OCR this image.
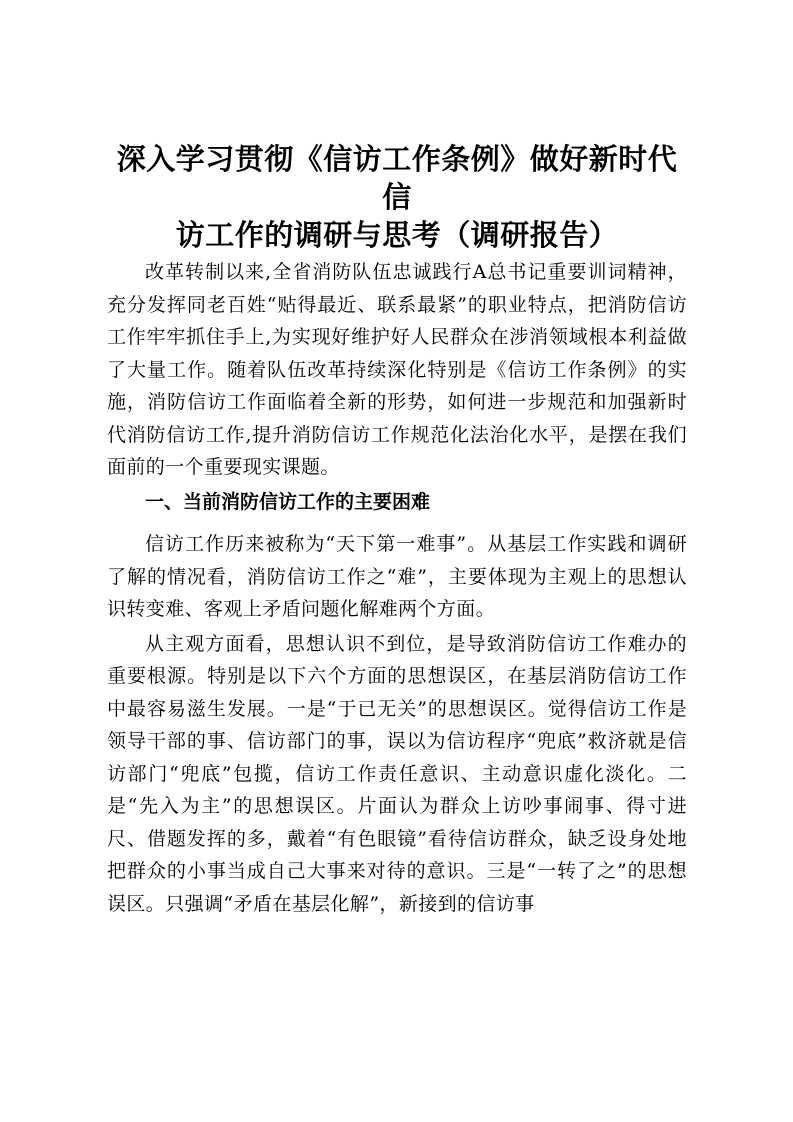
深入学习贯彻《信访工作条例》做好新时代信
访工作的调研与思考（调研报告）

改革转制以来,全省消防队伍忠诚践行A总书记重要训词精神，充分发挥同老百姓“贴得最近、联系最紧”的职业特点，把消防信访工作牢牢抓住手上,为实现好维护好人民群众在涉消领域根本利益做了大量工作。随着队伍改革持续深化特别是《信访工作条例》的实施，消防信访工作面临着全新的形势，如何进一步规范和加强新时代消防信访工作,提升消防信访工作规范化法治化水平，是摆在我们面前的一个重要现实课题。

一、当前消防信访工作的主要困难

信访工作历来被称为“天下第一难事”。从基层工作实践和调研了解的情况看，消防信访工作之“难”，主要体现为主观上的思想认识转变难、客观上矛盾问题化解难两个方面。

从主观方面看，思想认识不到位，是导致消防信访工作难办的重要根源。特别是以下六个方面的思想误区，在基层消防信访工作中最容易滋生发展。一是“于已无关”的思想误区。觉得信访工作是领导干部的事、信访部门的事，误以为信访程序“兜底”救济就是信访部门“兜底”包揽，信访工作责任意识、主动意识虚化淡化。二是“先入为主”的思想误区。片面认为群众上访吵事闹事、得寸进尺、借题发挥的多，戴着“有色眼镜”看待信访群众，缺乏设身处地把群众的小事当成自己大事来对待的意识。三是“一转了之”的思想误区。只强调“矛盾在基层化解”，新接到的信访事
